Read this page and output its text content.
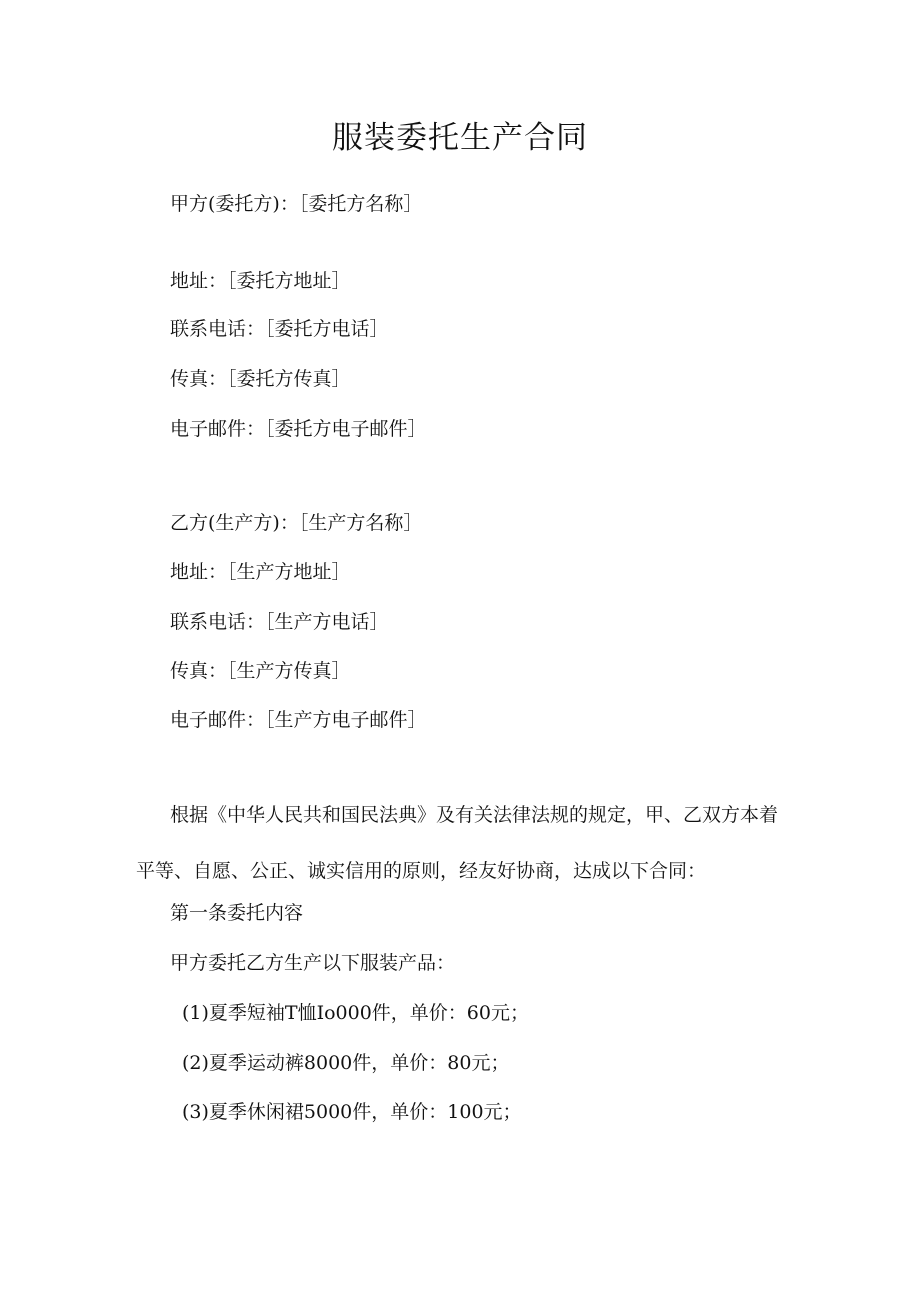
服装委托生产合同
甲方(委托方)：［委托方名称］
地址：［委托方地址］
联系电话：［委托方电话］
传真：［委托方传真］
电子邮件：［委托方电子邮件］
乙方(生产方)：［生产方名称］
地址：［生产方地址］
联系电话：［生产方电话］
传真：［生产方传真］
电子邮件：［生产方电子邮件］

根据《中华人民共和国民法典》及有关法律法规的规定，甲、乙双方本着平等、自愿、公正、诚实信用的原则，经友好协商，达成以下合同：

第一条委托内容
甲方委托乙方生产以下服装产品：
(1)夏季短袖T恤Io000件，单价：60元；
(2)夏季运动裤8000件，单价：80元；
(3)夏季休闲裙5000件，单价：100元；
